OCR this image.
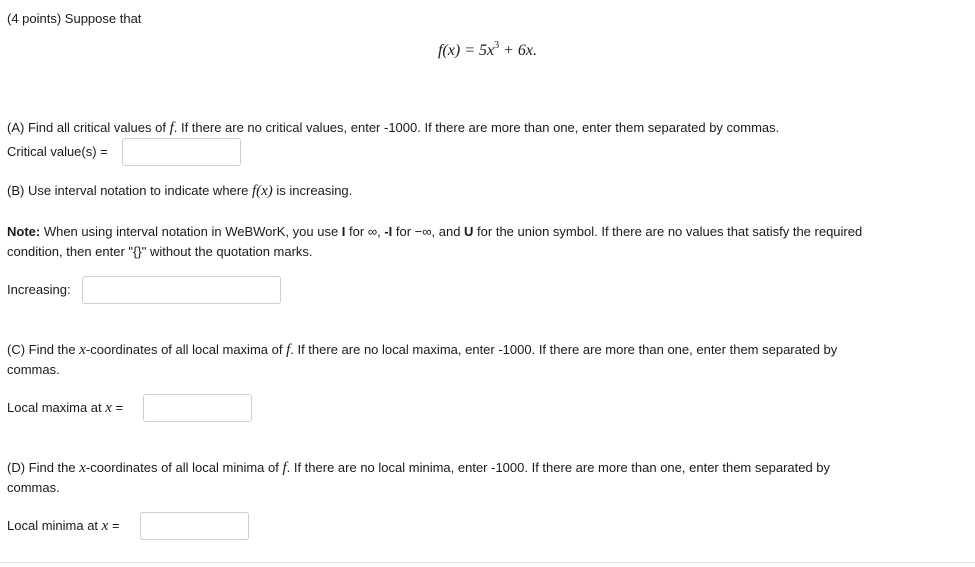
(4 points) Suppose that
$f(x) = 5x^3 + 6x$.
(A) Find all critical values of f. If there are no critical values, enter -1000. If there are more than one, enter them separated by commas.
Critical value(s) =
(B) Use interval notation to indicate where f(x) is increasing.
Note: When using interval notation in WeBWorK, you use I for ∞, -I for −∞, and U for the union symbol. If there are no values that satisfy the required
condition, then enter "{}" without the quotation marks.
Increasing:
(C) Find the x-coordinates of all local maxima of f. If there are no local maxima, enter -1000. If there are more than one, enter them separated by
commas.
Local maxima at x =
(D) Find the x-coordinates of all local minima of f. If there are no local minima, enter -1000. If there are more than one, enter them separated by
commas.
Local minima at x =
